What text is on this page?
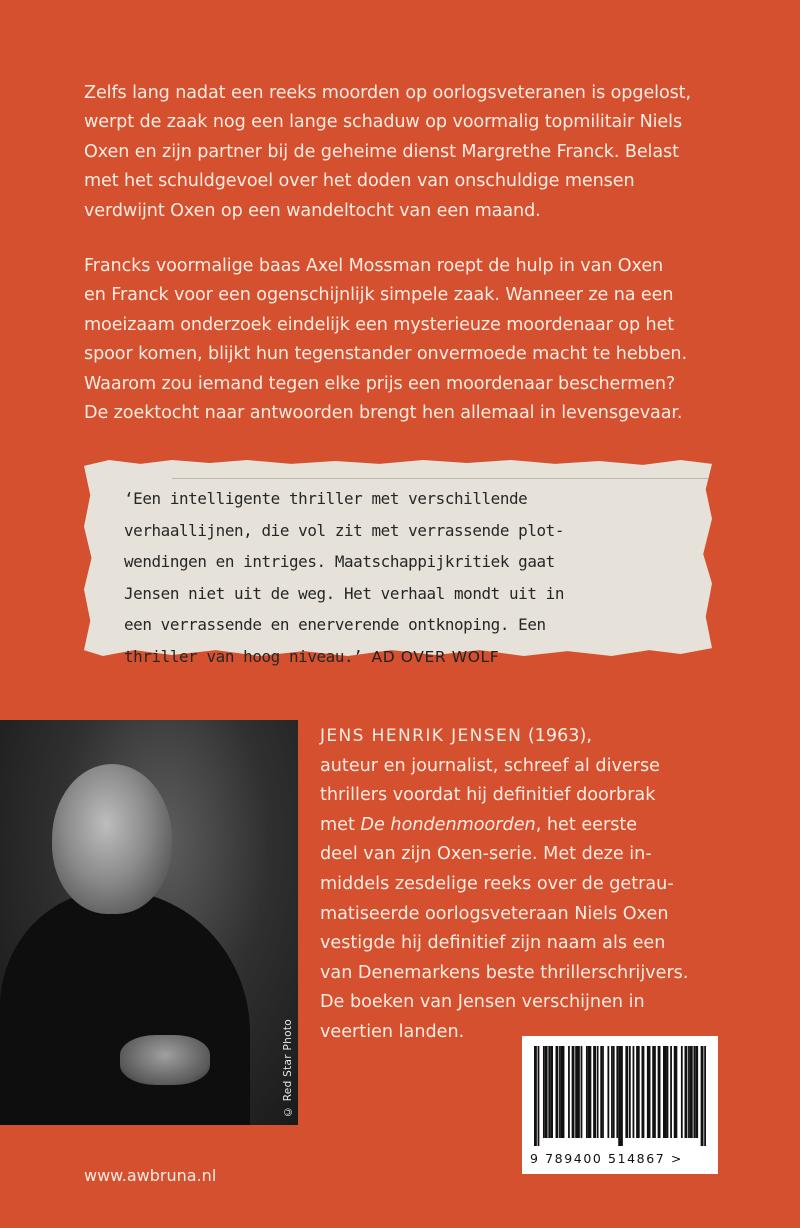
Zelfs lang nadat een reeks moorden op oorlogsveteranen is opgelost,

werpt de zaak nog een lange schaduw op voormalig topmilitair Niels

Oxen en zijn partner bij de geheime dienst Margrethe Franck. Belast

met het schuldgevoel over het doden van onschuldige mensen

verdwijnt Oxen op een wandeltocht van een maand.

Francks voormalige baas Axel Mossman roept de hulp in van Oxen

en Franck voor een ogenschijnlijk simpele zaak. Wanneer ze na een

moeizaam onderzoek eindelijk een mysterieuze moordenaar op het

spoor komen, blijkt hun tegenstander onvermoede macht te hebben.

Waarom zou iemand tegen elke prijs een moordenaar beschermen?

De zoektocht naar antwoorden brengt hen allemaal in levensgevaar.

‘Een intelligente thriller met verschillende

verhaallijnen, die vol zit met verrassende plot-

wendingen en intriges. Maatschappijkritiek gaat

Jensen niet uit de weg. Het verhaal mondt uit in

een verrassende en enerverende ontknoping. Een

thriller van hoog niveau.’ AD OVER WOLF

© Red Star Photo

JENS HENRIK JENSEN (1963),

auteur en journalist, schreef al diverse

thrillers voordat hij definitief doorbrak

met De hondenmoorden, het eerste

deel van zijn Oxen-serie. Met deze in-

middels zesdelige reeks over de getrau-

matiseerde oorlogsveteraan Niels Oxen

vestigde hij definitief zijn naam als een

van Denemarkens beste thrillerschrijvers.

De boeken van Jensen verschijnen in

veertien landen.

9 789400 514867 >
www.awbruna.nl
